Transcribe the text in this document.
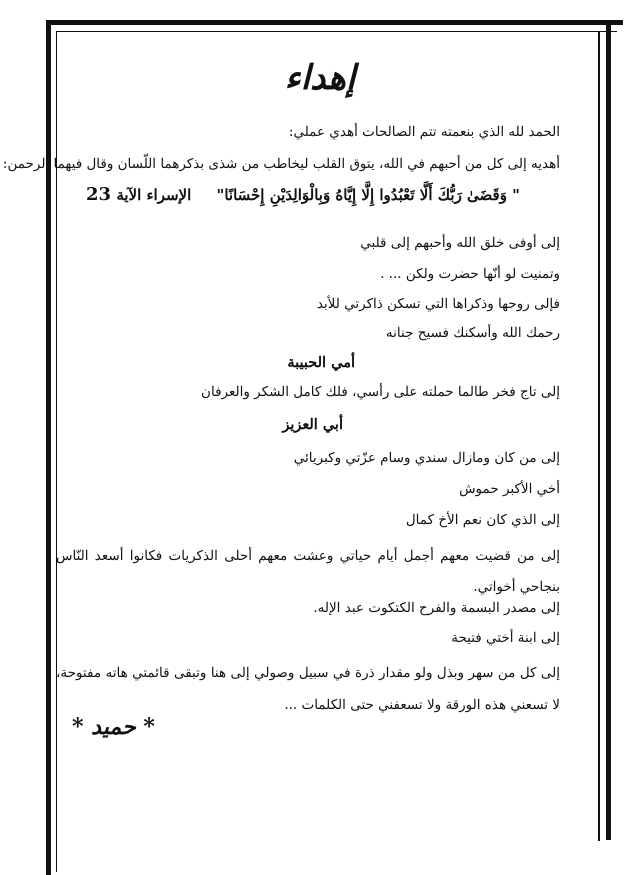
إهداء
الحمد لله الذي بنعمته تتم الصالحات أهدي عملي:
أهديه إلى كل من أحبهم في الله، يتوق القلب ليخاطب من شذى بذكرهما اللّسان وقال فيهما الرحمن:
" وَقَضَىٰ رَبُّكَ أَلَّا تَعْبُدُوا إِلَّا إِيَّاهُ وَبِالْوَالِدَيْنِ إِحْسَانًا" الإسراء الآية 23
إلى أوفى خلق الله وأحبهم إلى قلبي
وتمنيت لو أنّها حضرت ولكن ... .
فإلى روحها وذكراها التي تسكن ذاكرتي للأبد
رحمك الله وأسكنك فسيح جنانه
أمي الحبيبة
إلى تاج فخر طالما حملته على رأسي، فلك كامل الشكر والعرفان
أبي العزيز
إلى من كان ومازال سندي وسام عزّتي وكبريائي
أخي الأكبر حموش
إلى الذي كان نعم الأخ كمال
إلى من قضيت معهم أجمل أيام حياتي وعشت معهم أحلى الذكريات فكانوا أسعد النّاس بنجاحي أخواتي.
إلى مصدر البسمة والفرح الكتكوت عبد الإله.
إلى ابنة أختي فتيحة
إلى كل من سهر وبذل ولو مقدار ذرة في سبيل وصولي إلى هنا وتبقى قائمتي هاته مفتوحة، لا تسعني هذه الورقة ولا تسعفني حتى الكلمات ...
* حميد *
